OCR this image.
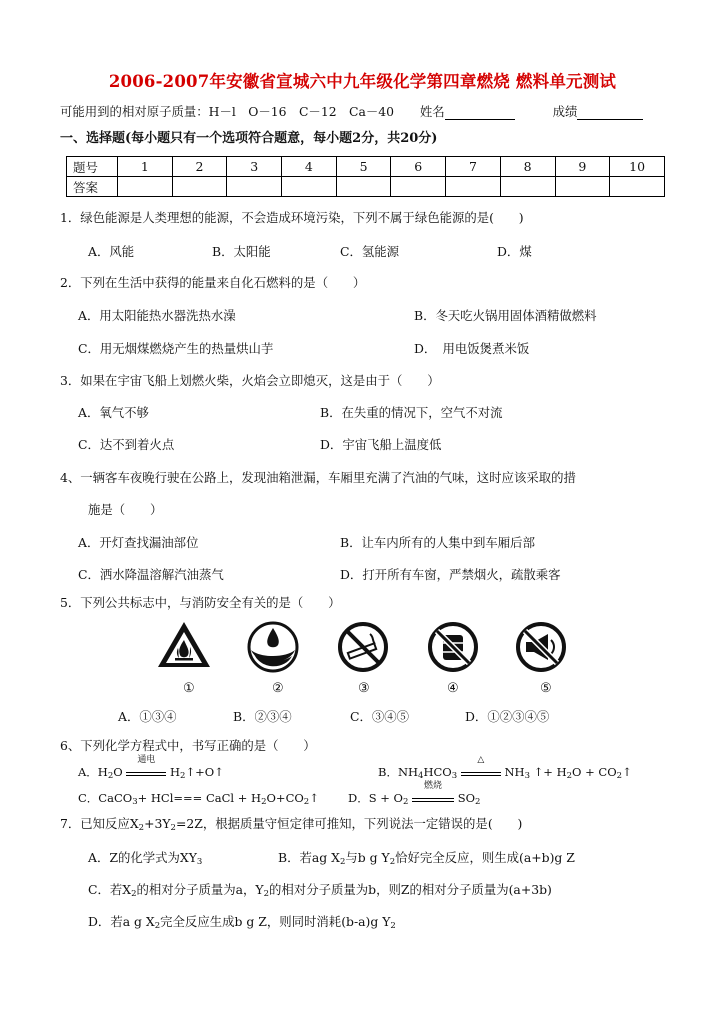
2006-2007年安徽省宣城六中九年级化学第四章燃烧 燃料单元测试
可能用到的相对原子质量：H－l　O－16　C－12　Ca－40 姓名	成绩
一、选择题(每小题只有一个选项符合题意，每小题2分，共20分)
题号	1	2	3	4	5	6	7	8	9	10
答案										
1．绿色能源是人类理想的能源，不会造成环境污染，下列不属于绿色能源的是(　　)
A．风能	B．太阳能	C．氢能源	D．煤
2．下列在生活中获得的能量来自化石燃料的是（　　）
A．用太阳能热水器洗热水澡	B．冬天吃火锅用固体酒精做燃料
C．用无烟煤燃烧产生的热量烘山芋	D．　用电饭煲煮米饭
3．如果在宇宙飞船上划燃火柴，火焰会立即熄灭，这是由于（　　）
A．氧气不够	B．在失重的情况下，空气不对流
C．达不到着火点	D．宇宙飞船上温度低
4、一辆客车夜晚行驶在公路上，发现油箱泄漏，车厢里充满了汽油的气味，这时应该采取的措
施是（　　）
A．开灯查找漏油部位	B．让车内所有的人集中到车厢后部
C．洒水降温溶解汽油蒸气	D．打开所有车窗，严禁烟火，疏散乘客
5．下列公共标志中，与消防安全有关的是（　　）
①	②	③	④	⑤
A．①③④	B．②③④	C．③④⑤	D．①②③④⑤
6、下列化学方程式中，书写正确的是（　　）
A．$H_2O$
通电
$H_2↑+O↑$	B．$NH_4HCO_3$
△
$NH_3$ ↑+ $H_2O$ + $CO_2↑$
C．CaCO$_3$+ HCl=== CaCl + $H_2O+CO_2↑$	D．$S + O_2$
燃烧
$SO_2$
7．已知反应$X_2+3Y_2=2Z$，根据质量守恒定律可推知，下列说法一定错误的是(　　)
A．Z的化学式为$XY_3$	B．若ag $X_2$与b g $Y_2$恰好完全反应，则生成(a+b)g Z
C．若$X_2$的相对分子质量为a，$Y_2$的相对分子质量为b，则Z的相对分子质量为(a+3b)
D．若a g $X_2$完全反应生成b g Z，则同时消耗(b-a)g $Y_2$
